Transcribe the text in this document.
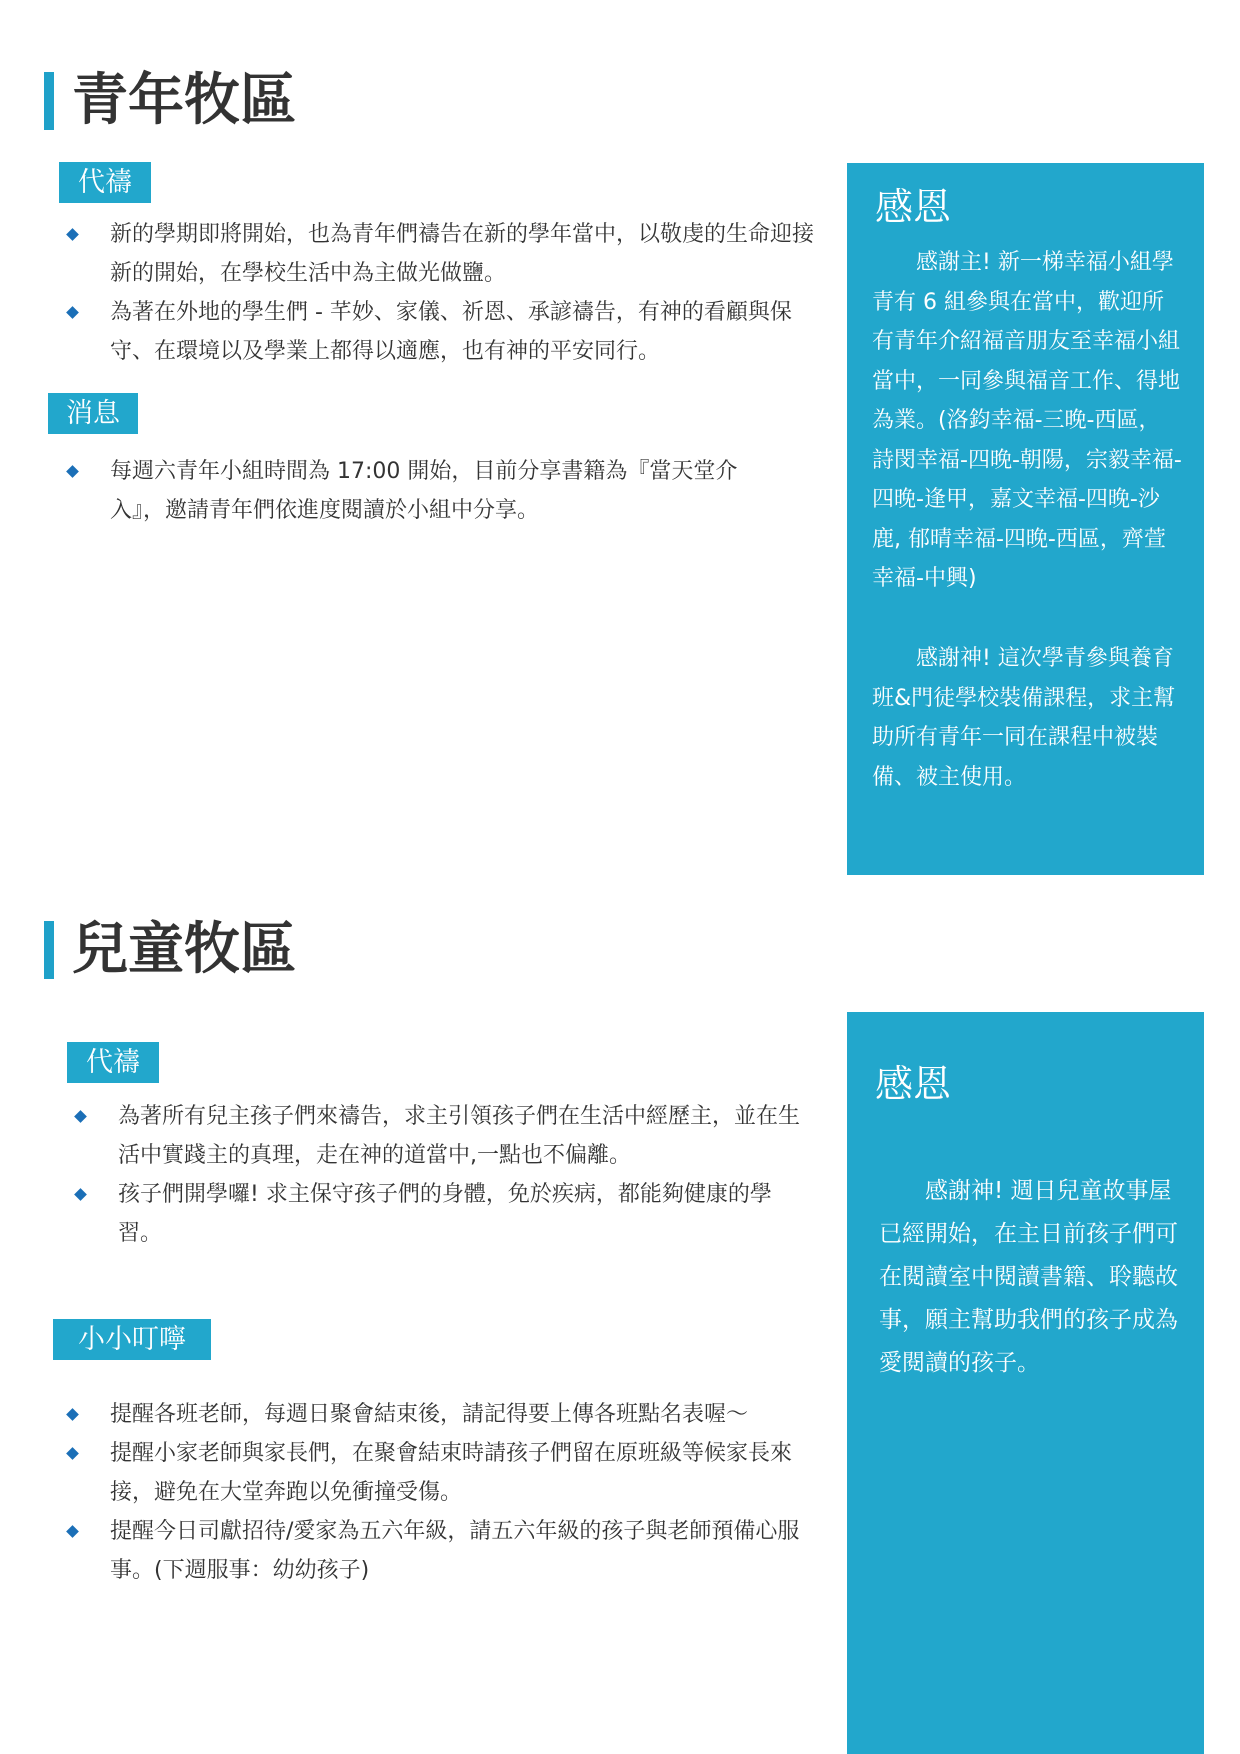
青年牧區
代禱
新的學期即將開始，也為青年們禱告在新的學年當中，以敬虔的生命迎接新的開始，在學校生活中為主做光做鹽。
為著在外地的學生們 - 芊妙、家儀、祈恩、承諺禱告，有神的看顧與保守、在環境以及學業上都得以適應，也有神的平安同行。
消息
每週六青年小組時間為 17:00 開始，目前分享書籍為『當天堂介入』，邀請青年們依進度閱讀於小組中分享。
感恩

感謝主! 新一梯幸福小組學青有 6 組參與在當中，歡迎所有青年介紹福音朋友至幸福小組當中，一同參與福音工作、得地為業。(洛鈞幸福-三晚-西區，詩閔幸福-四晚-朝陽，宗毅幸福-四晚-逢甲，嘉文幸福-四晚-沙鹿, 郁晴幸福-四晚-西區，齊萱幸福-中興)

感謝神! 這次學青參與養育班&門徒學校裝備課程，求主幫助所有青年一同在課程中被裝備、被主使用。

兒童牧區
代禱
為著所有兒主孩子們來禱告，求主引領孩子們在生活中經歷主，並在生活中實踐主的真理，走在神的道當中,一點也不偏離。
孩子們開學囉! 求主保守孩子們的身體，免於疾病，都能夠健康的學習。
小小叮嚀
提醒各班老師，每週日聚會結束後，請記得要上傳各班點名表喔～
提醒小家老師與家長們，在聚會結束時請孩子們留在原班級等候家長來接，避免在大堂奔跑以免衝撞受傷。
提醒今日司獻招待/愛家為五六年級，請五六年級的孩子與老師預備心服事。(下週服事：幼幼孩子)
感恩

感謝神! 週日兒童故事屋已經開始，在主日前孩子們可在閱讀室中閱讀書籍、聆聽故事，願主幫助我們的孩子成為愛閱讀的孩子。
